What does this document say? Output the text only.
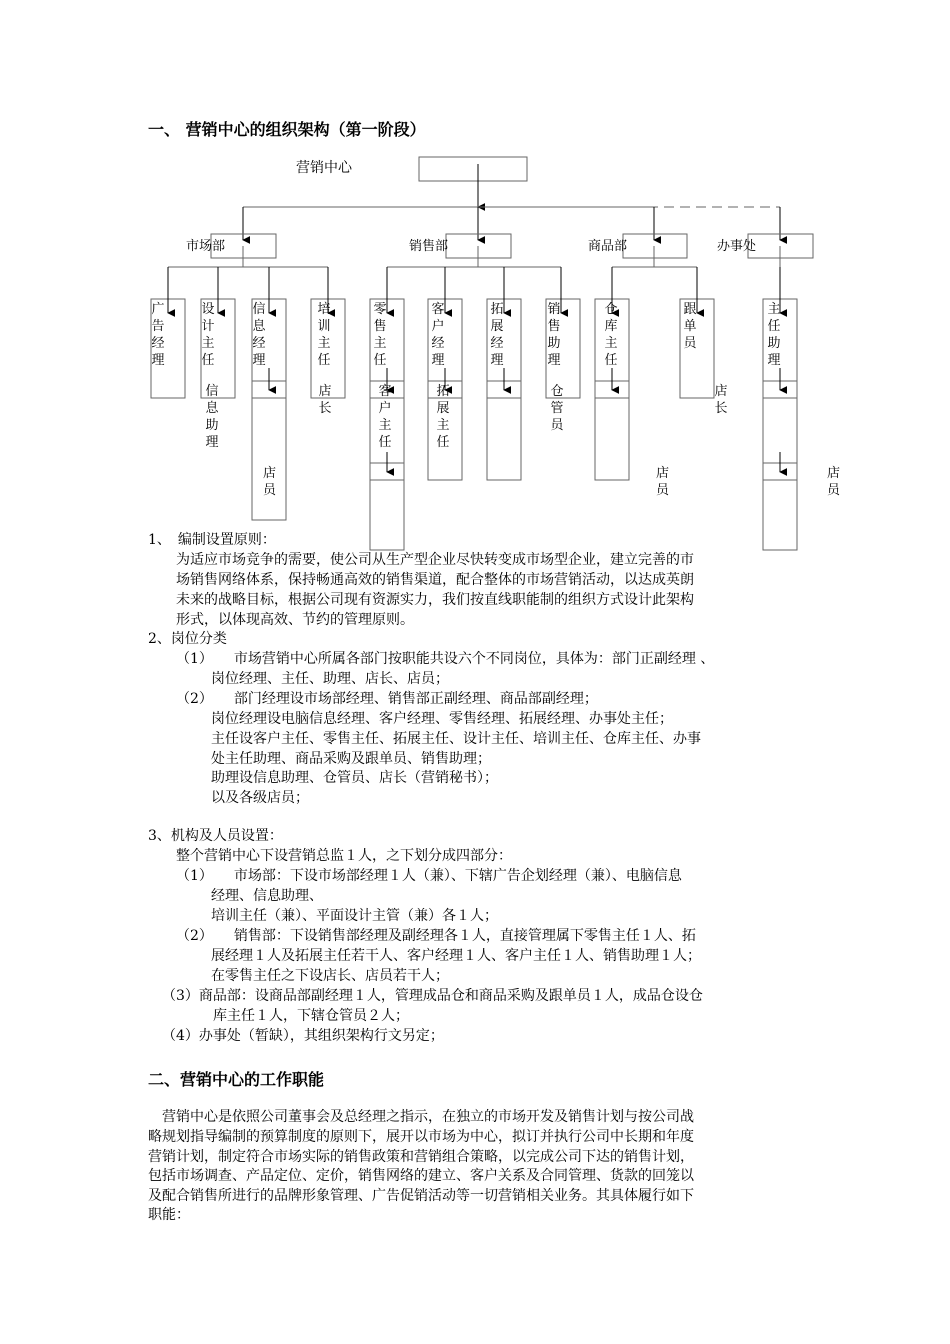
一、 营销中心的组织架构（第一阶段）
营销中心
市场部	销售部	商品部	办事处
广告经理
设计主任
信息经理
培训主任
零售主任
客户经理
拓展经理
销售助理
仓库主任
跟单员
主任助理
信息助理
店长
客户主任
拓展主任
仓管员
店长
店员
店员
店员
1、　编制设置原则：
为适应市场竞争的需要，使公司从生产型企业尽快转变成市场型企业，建立完善的市
场销售网络体系，保持畅通高效的销售渠道，配合整体的市场营销活动，以达成英朗
未来的战略目标，根据公司现有资源实力，我们按直线职能制的组织方式设计此架构
形式，以体现高效、节约的管理原则。
2、岗位分类
（1）　　市场营销中心所属各部门按职能共设六个不同岗位，具体为：部门正副经理 、
岗位经理、主任、助理、店长、店员；
（2）　　部门经理设市场部经理、销售部正副经理、商品部副经理；
岗位经理设电脑信息经理、客户经理、零售经理、拓展经理、办事处主任；
主任设客户主任、零售主任、拓展主任、设计主任、培训主任、仓库主任、办事
处主任助理、商品采购及跟单员、销售助理；
助理设信息助理、仓管员、店长（营销秘书）；
以及各级店员；
3、机构及人员设置：
整个营销中心下设营销总监１人，之下划分成四部分：
（1）　　市场部：下设市场部经理１人（兼）、下辖广告企划经理（兼）、电脑信息
经理、信息助理、
培训主任（兼）、平面设计主管（兼）各１人；
（2）　　销售部：下设销售部经理及副经理各１人，直接管理属下零售主任１人、拓
展经理１人及拓展主任若干人、客户经理１人、客户主任１人、销售助理１人；
在零售主任之下设店长、店员若干人；
（3）商品部：设商品部副经理１人，管理成品仓和商品采购及跟单员１人，成品仓设仓
库主任１人，下辖仓管员２人；
（4）办事处（暂缺），其组织架构行文另定；
二、营销中心的工作职能
营销中心是依照公司董事会及总经理之指示，在独立的市场开发及销售计划与按公司战
略规划指导编制的预算制度的原则下，展开以市场为中心，拟订并执行公司中长期和年度
营销计划，制定符合市场实际的销售政策和营销组合策略，以完成公司下达的销售计划，
包括市场调查、产品定位、定价，销售网络的建立、客户关系及合同管理、货款的回笼以
及配合销售所进行的品牌形象管理、广告促销活动等一切营销相关业务。其具体履行如下
职能：
